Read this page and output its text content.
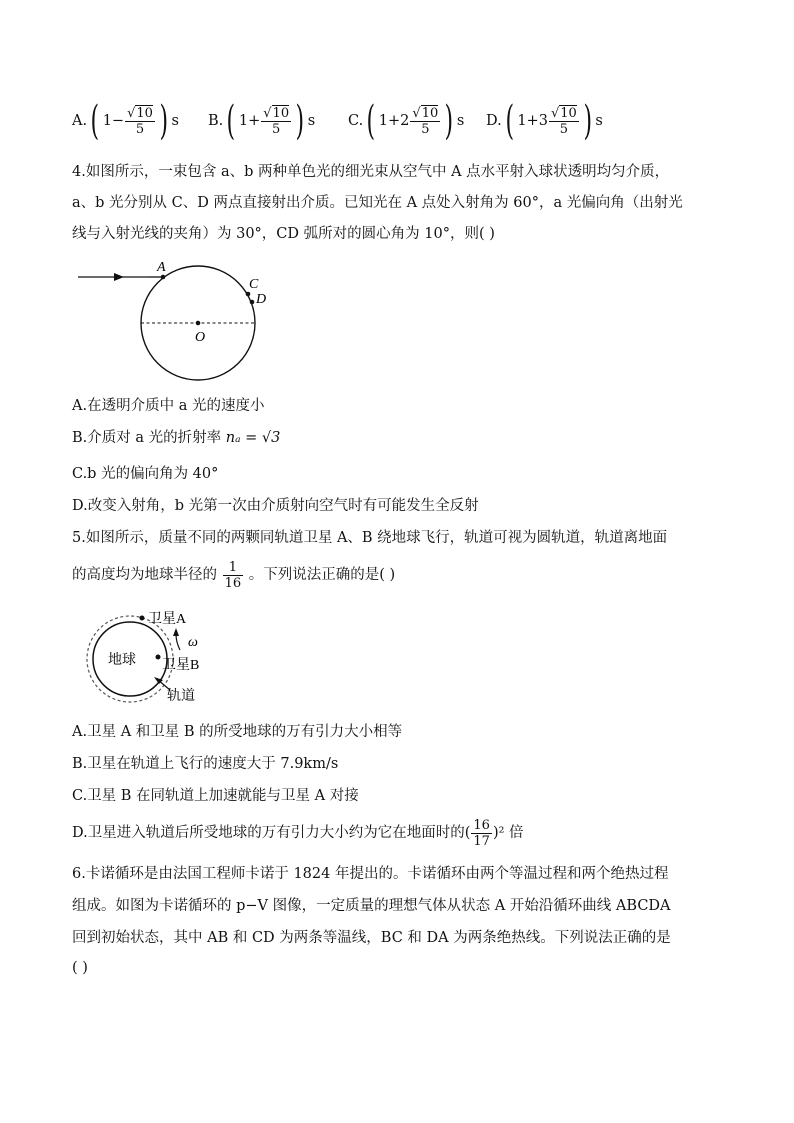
A. ( $1- \frac{√10}{5}$ ) s B. ( $1+ \frac{√10}{5}$ ) s C. ( $1+2 \frac{√10}{5}$ ) s D. ( $1+3 \frac{√10}{5}$ ) s
4.如图所示，一束包含 a、b 两种单色光的细光束从空气中 A 点水平射入球状透明均匀介质，
a、b 光分别从 C、D 两点直接射出介质。已知光在 A 点处入射角为 60°，a 光偏向角（出射光
线与入射光线的夹角）为 30°，CD 弧所对的圆心角为 10°，则( )
A
C
D
O
A.在透明介质中 a 光的速度小
B.介质对 a 光的折射率 nₐ = √3
C.b 光的偏向角为 40°
D.改变入射角，b 光第一次由介质射向空气时有可能发生全反射
5.如图所示，质量不同的两颗同轨道卫星 A、B 绕地球飞行，轨道可视为圆轨道，轨道离地面
的高度均为地球半径的 $\frac{1}{16}$ 。下列说法正确的是( )
地球
卫星A
ω
卫星B
轨道
A.卫星 A 和卫星 B 的所受地球的万有引力大小相等
B.卫星在轨道上飞行的速度大于 7.9km/s
C.卫星 B 在同轨道上加速就能与卫星 A 对接
D.卫星进入轨道后所受地球的万有引力大小约为它在地面时的( $\frac{16}{17} )^2$ 倍
6.卡诺循环是由法国工程师卡诺于 1824 年提出的。卡诺循环由两个等温过程和两个绝热过程
组成。如图为卡诺循环的 p−V 图像，一定质量的理想气体从状态 A 开始沿循环曲线 ABCDA
回到初始状态，其中 AB 和 CD 为两条等温线，BC 和 DA 为两条绝热线。下列说法正确的是
( )
